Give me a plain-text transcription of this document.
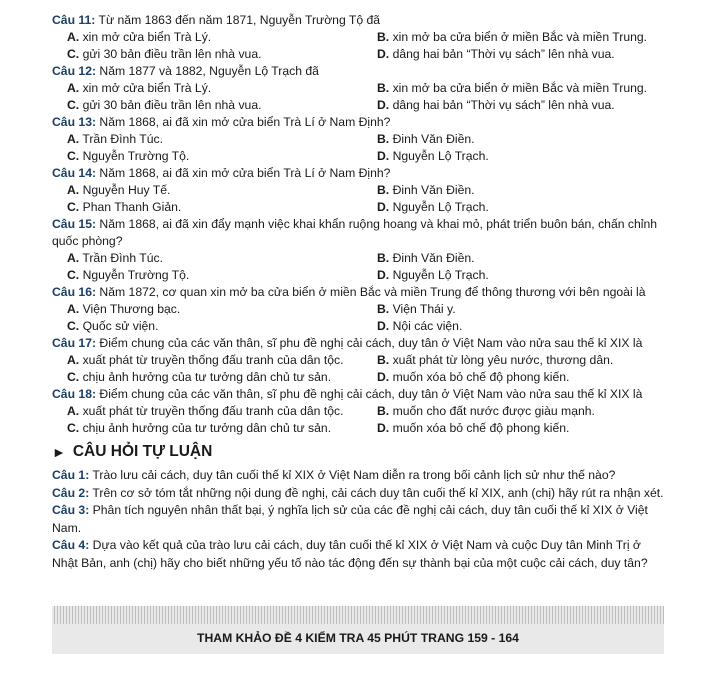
Câu 11: Từ năm 1863 đến năm 1871, Nguyễn Trường Tộ đã

A. xin mở cửa biển Trà Lý.	B. xin mở ba cửa biển ở miền Bắc và miền Trung.
C. gửi 30 bản điều trần lên nhà vua.	D. dâng hai bản “Thời vụ sách” lên nhà vua.

Câu 12: Năm 1877 và 1882, Nguyễn Lộ Trạch đã

A. xin mở cửa biển Trà Lý.	B. xin mở ba cửa biển ở miền Bắc và miền Trung.
C. gửi 30 bản điều trần lên nhà vua.	D. dâng hai bản “Thời vụ sách” lên nhà vua.

Câu 13: Năm 1868, ai đã xin mở cửa biển Trà Lí ở Nam Định?

A. Trần Đình Túc.	B. Đinh Văn Điền.
C. Nguyễn Trường Tộ.	D. Nguyễn Lộ Trạch.

Câu 14: Năm 1868, ai đã xin mở cửa biển Trà Lí ở Nam Định?

A. Nguyễn Huy Tế.	B. Đinh Văn Điền.
C. Phan Thanh Giản.	D. Nguyễn Lộ Trạch.

Câu 15: Năm 1868, ai đã xin đẩy mạnh việc khai khẩn ruộng hoang và khai mỏ, phát triển buôn bán, chấn chỉnh quốc phòng?

A. Trần Đình Túc.	B. Đinh Văn Điền.
C. Nguyễn Trường Tộ.	D. Nguyễn Lộ Trạch.

Câu 16: Năm 1872, cơ quan xin mở ba cửa biển ở miền Bắc và miền Trung để thông thương với bên ngoài là

A. Viện Thương bạc.	B. Viện Thái y.
C. Quốc sử viện.	D. Nội các viện.

Câu 17: Điểm chung của các văn thân, sĩ phu đề nghị cải cách, duy tân ở Việt Nam vào nửa sau thế kỉ XIX là

A. xuất phát từ truyền thống đấu tranh của dân tộc.	B. xuất phát từ lòng yêu nước, thương dân.
C. chịu ảnh hưởng của tư tưởng dân chủ tư sản.	D. muốn xóa bỏ chế độ phong kiến.

Câu 18: Điểm chung của các văn thân, sĩ phu đề nghị cải cách, duy tân ở Việt Nam vào nửa sau thế kỉ XIX là

A. xuất phát từ truyền thống đấu tranh của dân tộc.	B. muốn cho đất nước được giàu mạnh.
C. chịu ảnh hưởng của tư tưởng dân chủ tư sản.	D. muốn xóa bỏ chế độ phong kiến.
► CÂU HỎI TỰ LUẬN

Câu 1: Trào lưu cải cách, duy tân cuối thế kỉ XIX ở Việt Nam diễn ra trong bối cảnh lịch sử như thế nào?

Câu 2: Trên cơ sở tóm tắt những nội dung đề nghị, cải cách duy tân cuối thế kỉ XIX, anh (chị) hãy rút ra nhận xét.

Câu 3: Phân tích nguyên nhân thất bại, ý nghĩa lịch sử của các đề nghị cải cách, duy tân cuối thế kỉ XIX ở Việt Nam.

Câu 4: Dựa vào kết quả của trào lưu cải cách, duy tân cuối thế kỉ XIX ở Việt Nam và cuộc Duy tân Minh Trị ở Nhật Bản, anh (chị) hãy cho biết những yếu tố nào tác động đến sự thành bại của một cuộc cải cách, duy tân?

THAM KHẢO ĐỀ 4 KIỂM TRA 45 PHÚT TRANG 159 - 164
